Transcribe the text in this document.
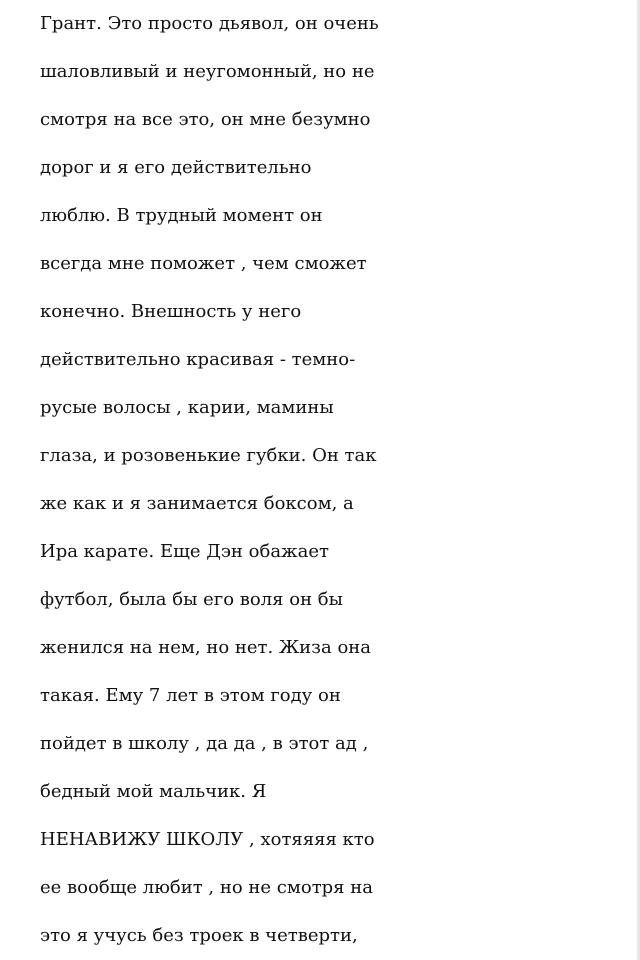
Грант. Это просто дьявол, он очень
шаловливый и неугомонный, но не
смотря на все это, он мне безумно
дорог и я его действительно
люблю. В трудный момент он
всегда мне поможет , чем сможет
конечно. Внешность у него
действительно красивая - темно-
русые волосы , карии, мамины
глаза, и розовенькие губки. Он так
же как и я занимается боксом, а
Ира карате. Еще Дэн обажает
футбол, была бы его воля он бы
женился на нем, но нет. Жиза она
такая. Ему 7 лет в этом году он
пойдет в школу , да да , в этот ад ,
бедный мой мальчик. Я
НЕНАВИЖУ ШКОЛУ , хотяяяя кто
ее вообще любит , но не смотря на
это я учусь без троек в четверти,
